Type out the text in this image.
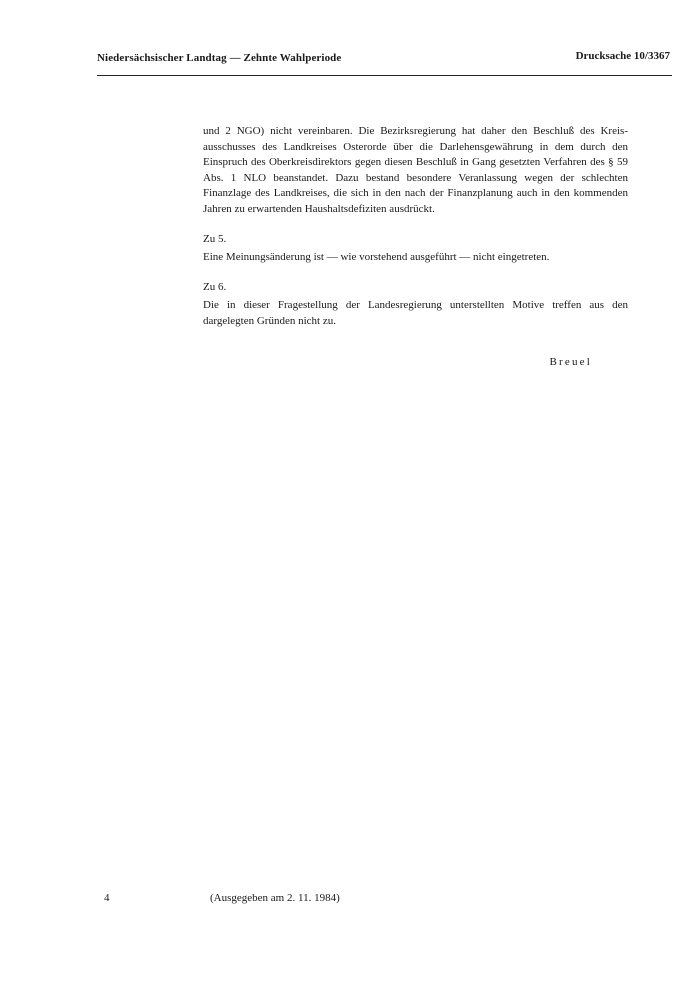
Niedersächsischer Landtag — Zehnte Wahlperiode	Drucksache 10/3367

und 2 NGO) nicht vereinbaren. Die Bezirksregierung hat daher den Beschluß des Kreisausschusses des Landkreises Osterorde über die Darlehensgewährung in dem durch den Einspruch des Oberkreisdirektors gegen diesen Beschluß in Gang gesetzten Verfahren des § 59 Abs. 1 NLO beanstandet. Dazu bestand besondere Veranlassung wegen der schlechten Finanzlage des Landkreises, die sich in den nach der Finanzplanung auch in den kommenden Jahren zu erwartenden Haushaltsdefiziten ausdrückt.

Zu 5.

Eine Meinungsänderung ist — wie vorstehend ausgeführt — nicht eingetreten.

Zu 6.

Die in dieser Fragestellung der Landesregierung unterstellten Motive treffen aus den dargelegten Gründen nicht zu.

Breuel
4	(Ausgegeben am 2. 11. 1984)
